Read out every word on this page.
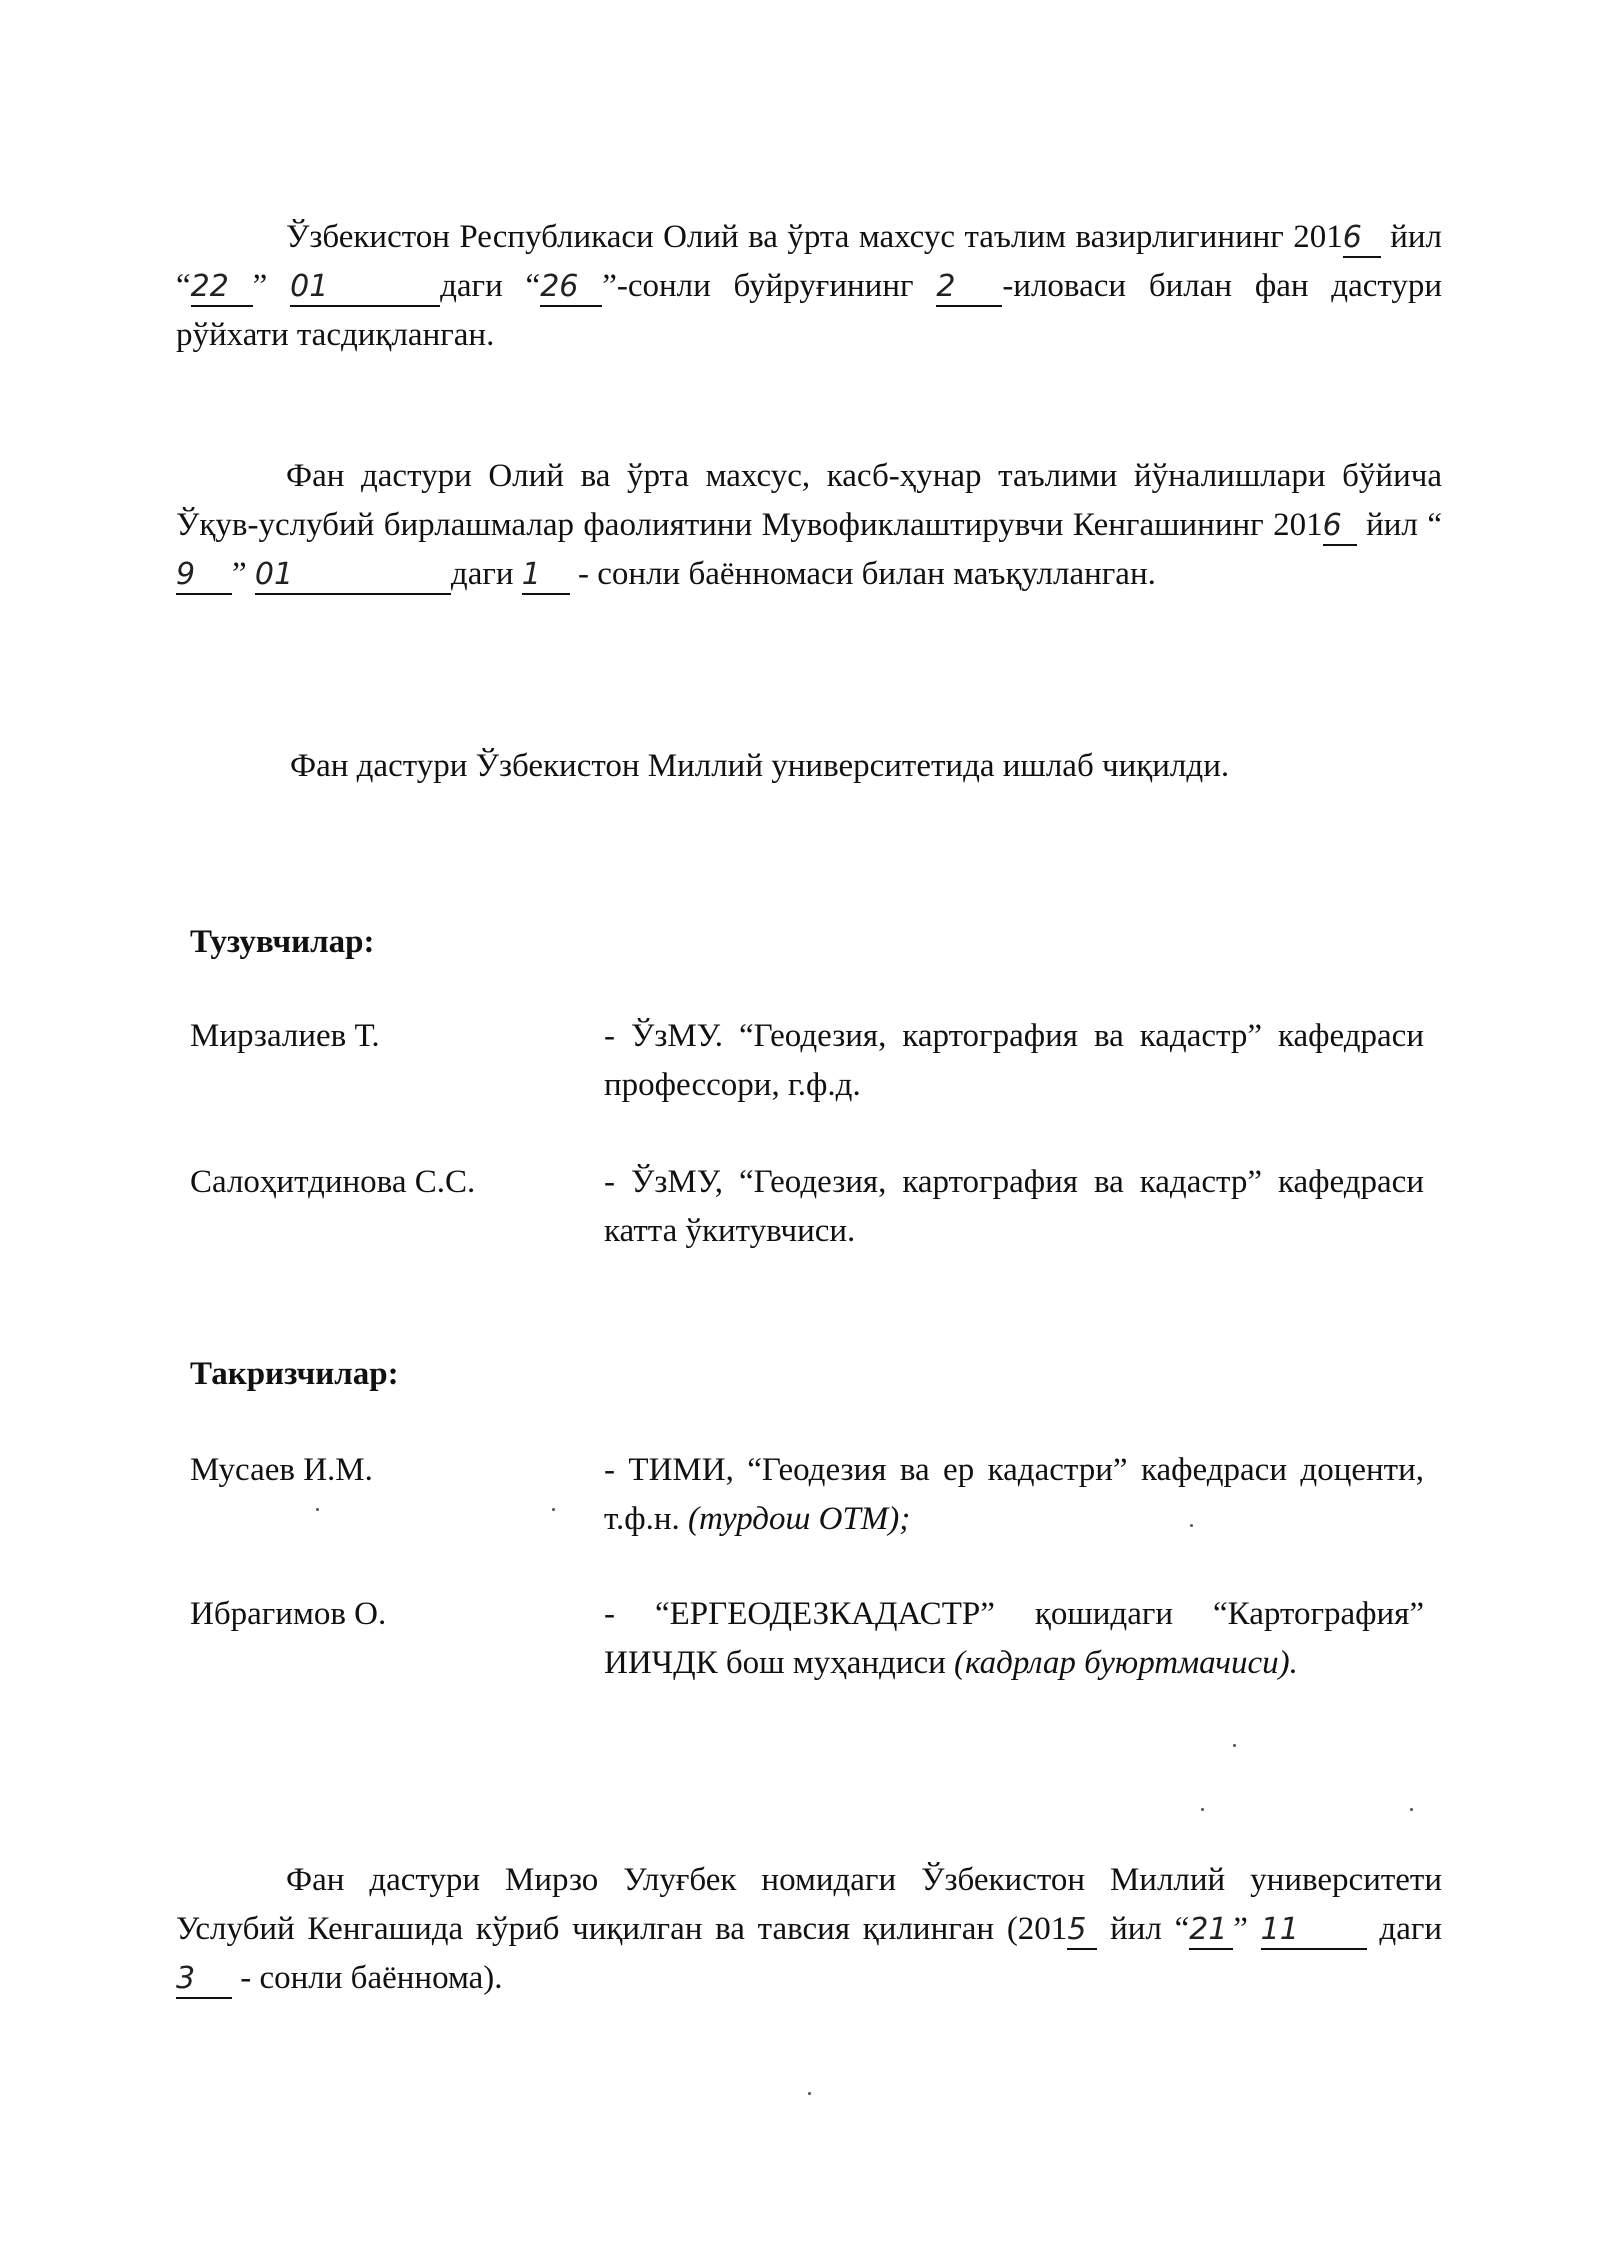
Ўзбекистон Республикаси Олий ва ўрта махсус таълим вазирлигининг 2016 йил “22 ” 01	даги “26 ”-сонли буйруғининг 2 -иловаси билан фан дастури рўйхати тасдиқланган.
Фан дастури Олий ва ўрта махсус, касб-ҳунар таълими йўналишлари бўйича Ўқув-услубий бирлашмалар фаолиятини Мувофиклаштирувчи Кенгашининг 2016 йил “9 ” 01	даги 1 - сонли баённомаси билан маъқулланган.
Фан дастури Ўзбекистон Миллий университетида ишлаб чиқилди.
Тузувчилар:
Мирзалиев Т.	- ЎзМУ. “Геодезия, картография ва кадастр” кафедраси профессори, г.ф.д.
Салоҳитдинова С.С.	- ЎзМУ, “Геодезия, картография ва кадастр” кафедраси катта ўкитувчиси.
Такризчилар:
Мусаев И.М.	- ТИМИ, “Геодезия ва ер кадастри” кафедраси доценти, т.ф.н. (турдош ОТМ);
Ибрагимов О.	- “ЕРГЕОДЕЗКАДАСТР” қошидаги “Картография” ИИЧДК бош муҳандиси (кадрлар буюртмачиси).
Фан дастури Мирзо Улуғбек номидаги Ўзбекистон Миллий университети Услубий Кенгашида кўриб чиқилган ва тавсия қилинган (2015 йил “21 ” 11 даги 3 - сонли баённома).
